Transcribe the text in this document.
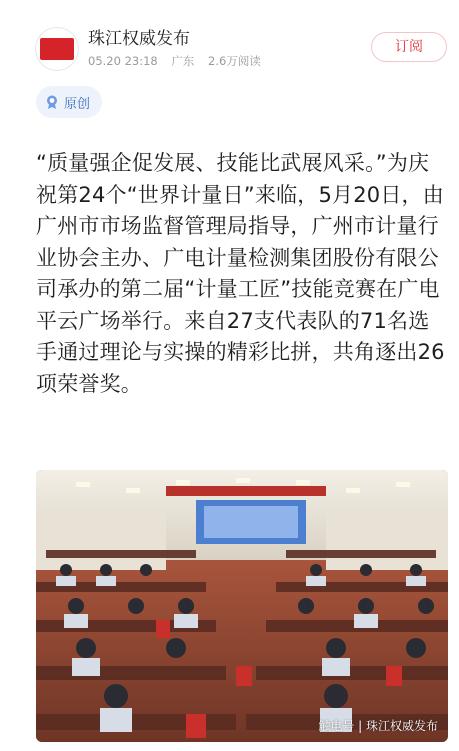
珠江权威发布
05.20 23:18 广东 2.6万阅读
订阅
原创

“质量强企促发展、技能比武展风采。”为庆祝第24个“世界计量日”来临，5月20日，由广州市市场监督管理局指导，广州市计量行业协会主办、广电计量检测集团股份有限公司承办的第二届“计量工匠”技能竞赛在广电平云广场举行。来自27支代表队的71名选手通过理论与实操的精彩比拼，共角逐出26项荣誉奖。

触电号 | 珠江权威发布
